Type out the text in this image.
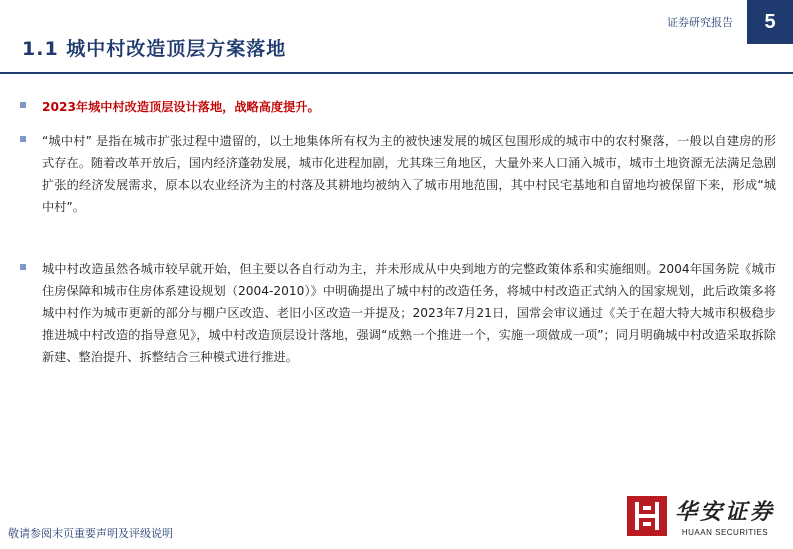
证券研究报告	5
1.1 城中村改造顶层方案落地
2023年城中村改造顶层设计落地，战略高度提升。
“城中村” 是指在城市扩张过程中遗留的，以土地集体所有权为主的被快速发展的城区包围形成的城市中的农村聚落，一般以自建房的形式存在。随着改革开放后，国内经济蓬勃发展，城市化进程加剧，尤其珠三角地区，大量外来人口涌入城市，城市土地资源无法满足急剧扩张的经济发展需求，原本以农业经济为主的村落及其耕地均被纳入了城市用地范围，其中村民宅基地和自留地均被保留下来，形成“城中村”。
城中村改造虽然各城市较早就开始，但主要以各自行动为主，并未形成从中央到地方的完整政策体系和实施细则。2004年国务院《城市住房保障和城市住房体系建设规划（2004-2010）》中明确提出了城中村的改造任务，将城中村改造正式纳入的国家规划，此后政策多将城中村作为城市更新的部分与棚户区改造、老旧小区改造一并提及；2023年7月21日，国常会审议通过《关于在超大特大城市积极稳步推进城中村改造的指导意见》，城中村改造顶层设计落地，强调“成熟一个推进一个，实施一项做成一项”；同月明确城中村改造采取拆除新建、整治提升、拆整结合三种模式进行推进。
敬请参阅末页重要声明及评级说明
华安证券
HUAAN SECURITIES
